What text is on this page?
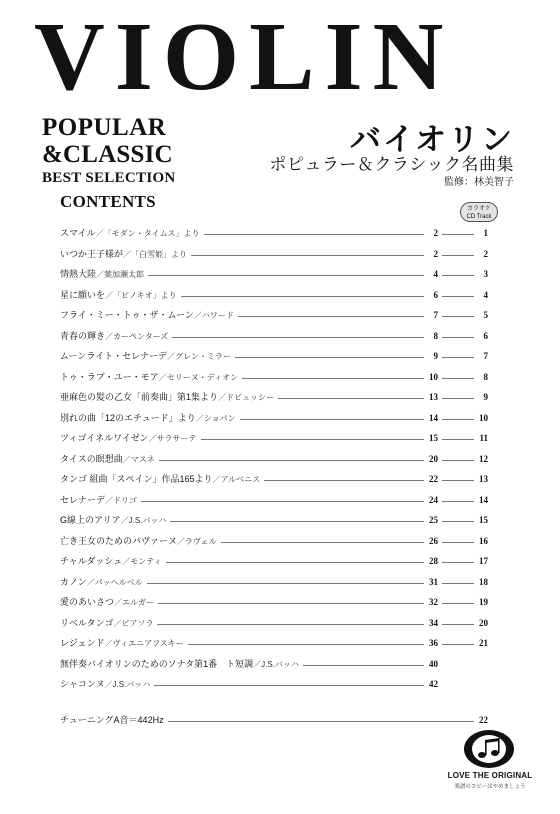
VIOLIN
POPULAR
&CLASSIC
BEST SELECTION
バイオリン
ポピュラー＆クラシック名曲集
監修：林美智子
CONTENTS	カラオケ
CD Track
スマイル／「モダン・タイムス」より	2	1
いつか王子様が／「白雪姫」より	2	2
情熱大陸／葉加瀬太郎	4	3
星に願いを／「ピノキオ」より	6	4
フライ・ミー・トゥ・ザ・ムーン／ハワード	7	5
青春の輝き／カーペンターズ	8	6
ムーンライト・セレナーデ／グレン・ミラー	9	7
トゥ・ラブ・ユー・モア／セリーヌ・ディオン	10	8
亜麻色の髪の乙女「前奏曲」第1集より／ドビュッシー	13	9
別れの曲「12のエチュード」より／ショパン	14	10
ツィゴイネルワイゼン／サラサーテ	15	11
タイスの瞑想曲／マスネ	20	12
タンゴ 組曲「スペイン」作品165より／アルベニス	22	13
セレナーデ／ドリゴ	24	14
G線上のアリア／J.S.バッハ	25	15
亡き王女のためのパヴァーヌ／ラヴェル	26	16
チャルダッシュ／モンティ	28	17
カノン／パッヘルベル	31	18
愛のあいさつ／エルガー	32	19
リベルタンゴ／ピアソラ	34	20
レジェンド／ヴィエニアフスキー	36	21
無伴奏バイオリンのためのソナタ第1番　ト短調／J.S.バッハ	40
シャコンヌ／J.S.バッハ	42
チューニングA音＝442Hz	22
LOVE THE ORIGINAL
楽譜のコピーはやめましょう
